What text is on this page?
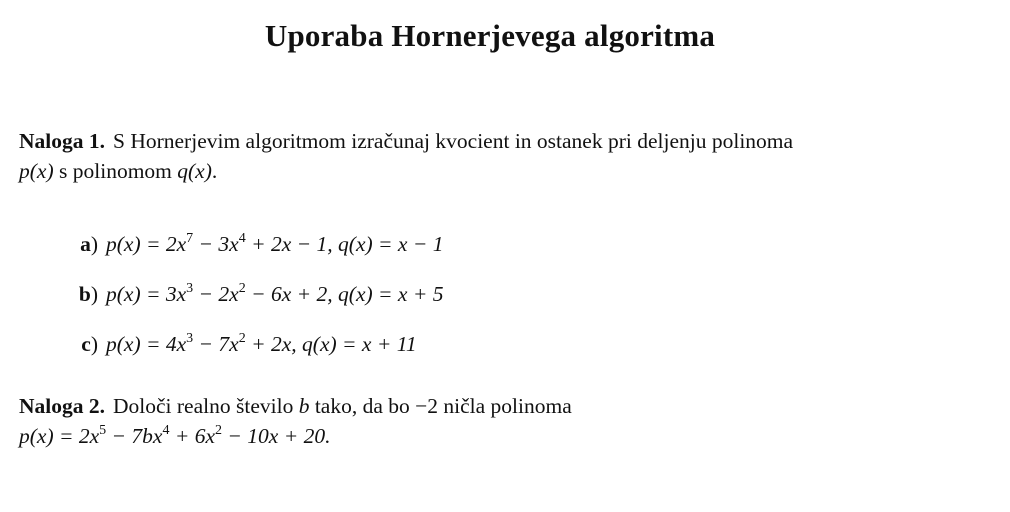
Uporaba Hornerjevega algoritma
Naloga 1. S Hornerjevim algoritmom izračunaj kvocient in ostanek pri deljenju polinoma
p(x) s polinomom q(x).
a) $p(x) = 2x^7 - 3x^4 + 2x - 1$, q(x) = x − 1
b) $p(x) = 3x^3 - 2x^2 - 6x + 2$, q(x) = x + 5
c) $p(x) = 4x^3 - 7x^2 + 2x$, q(x) = x + 11
Naloga 2. Določi realno število b tako, da bo −2 ničla polinoma
$p(x) = 2x^5 - 7bx^4 + 6x^2 - 10x + 20$.
